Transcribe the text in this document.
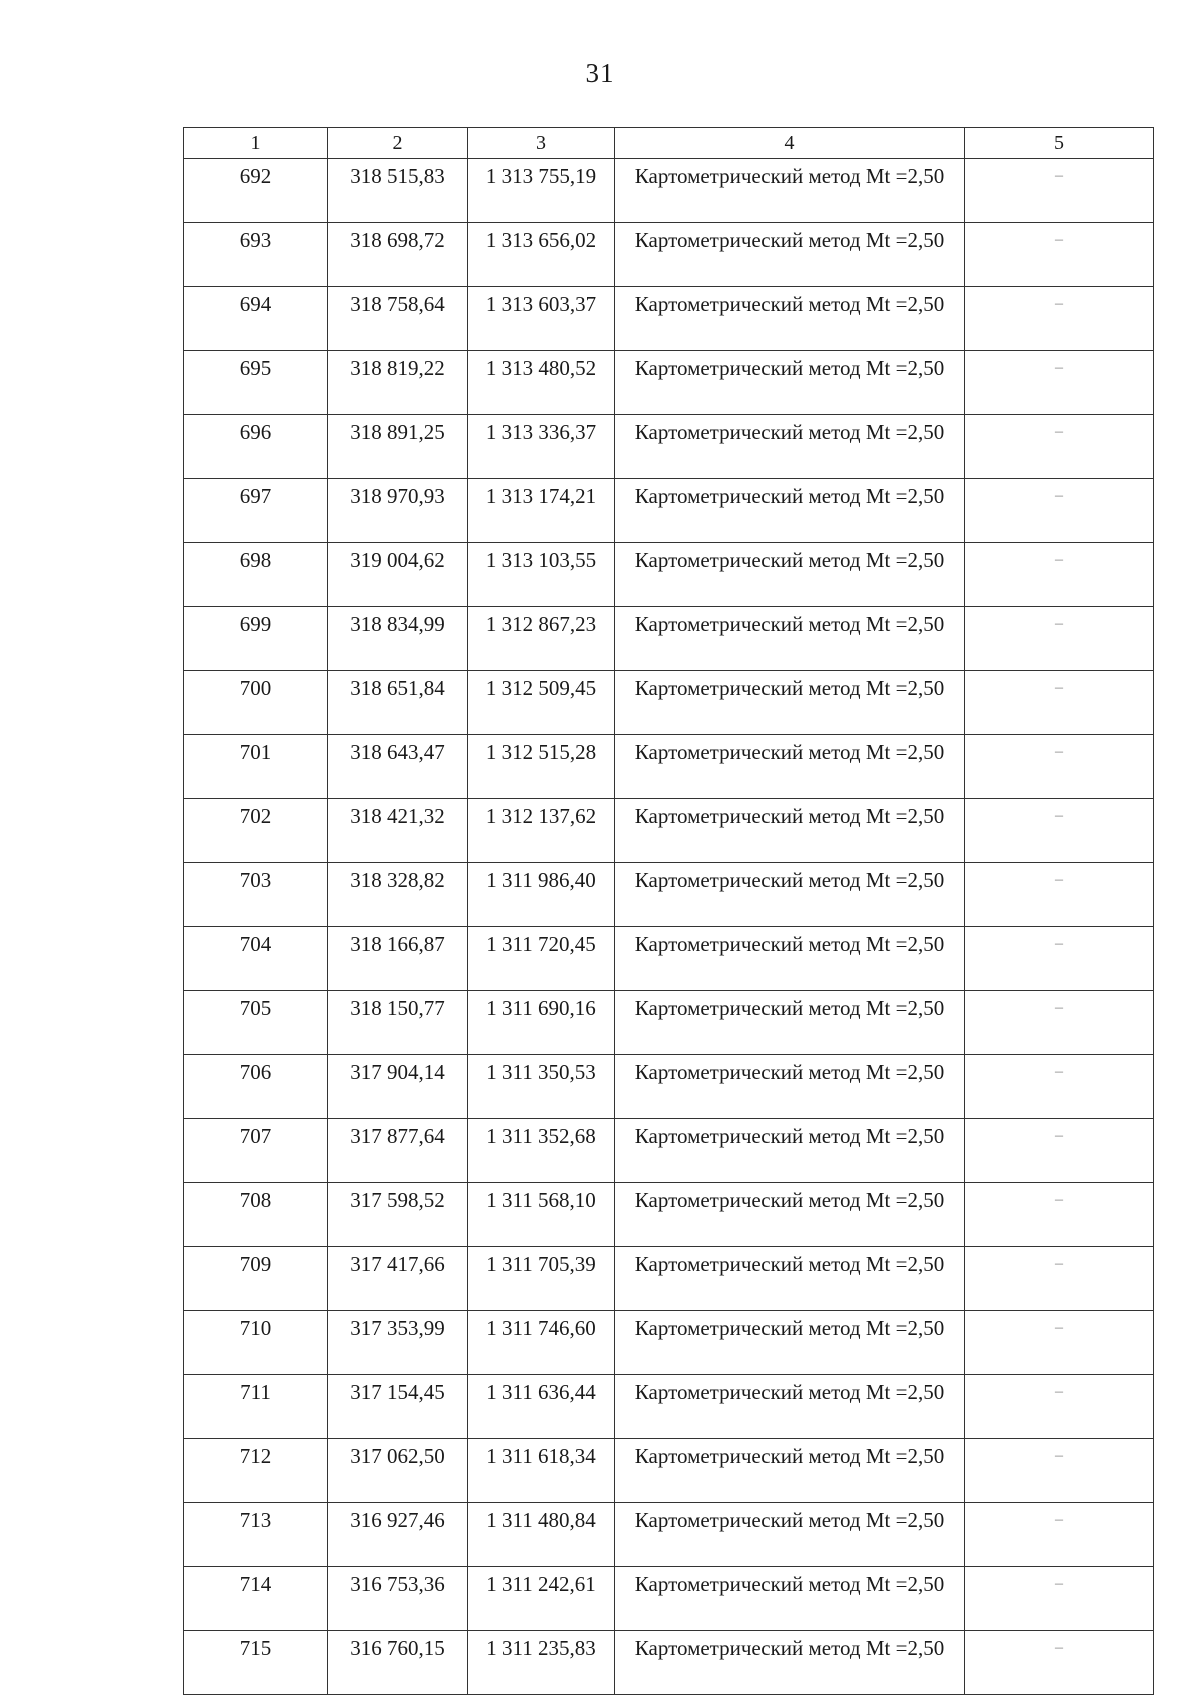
31
1	2	3	4	5
692	318 515,83	1 313 755,19	Картометрический метод Mt =2,50	–
693	318 698,72	1 313 656,02	Картометрический метод Mt =2,50	–
694	318 758,64	1 313 603,37	Картометрический метод Mt =2,50	–
695	318 819,22	1 313 480,52	Картометрический метод Mt =2,50	–
696	318 891,25	1 313 336,37	Картометрический метод Mt =2,50	–
697	318 970,93	1 313 174,21	Картометрический метод Mt =2,50	–
698	319 004,62	1 313 103,55	Картометрический метод Mt =2,50	–
699	318 834,99	1 312 867,23	Картометрический метод Mt =2,50	–
700	318 651,84	1 312 509,45	Картометрический метод Mt =2,50	–
701	318 643,47	1 312 515,28	Картометрический метод Mt =2,50	–
702	318 421,32	1 312 137,62	Картометрический метод Mt =2,50	–
703	318 328,82	1 311 986,40	Картометрический метод Mt =2,50	–
704	318 166,87	1 311 720,45	Картометрический метод Mt =2,50	–
705	318 150,77	1 311 690,16	Картометрический метод Mt =2,50	–
706	317 904,14	1 311 350,53	Картометрический метод Mt =2,50	–
707	317 877,64	1 311 352,68	Картометрический метод Mt =2,50	–
708	317 598,52	1 311 568,10	Картометрический метод Mt =2,50	–
709	317 417,66	1 311 705,39	Картометрический метод Mt =2,50	–
710	317 353,99	1 311 746,60	Картометрический метод Mt =2,50	–
711	317 154,45	1 311 636,44	Картометрический метод Mt =2,50	–
712	317 062,50	1 311 618,34	Картометрический метод Mt =2,50	–
713	316 927,46	1 311 480,84	Картометрический метод Mt =2,50	–
714	316 753,36	1 311 242,61	Картометрический метод Mt =2,50	–
715	316 760,15	1 311 235,83	Картометрический метод Mt =2,50	–
